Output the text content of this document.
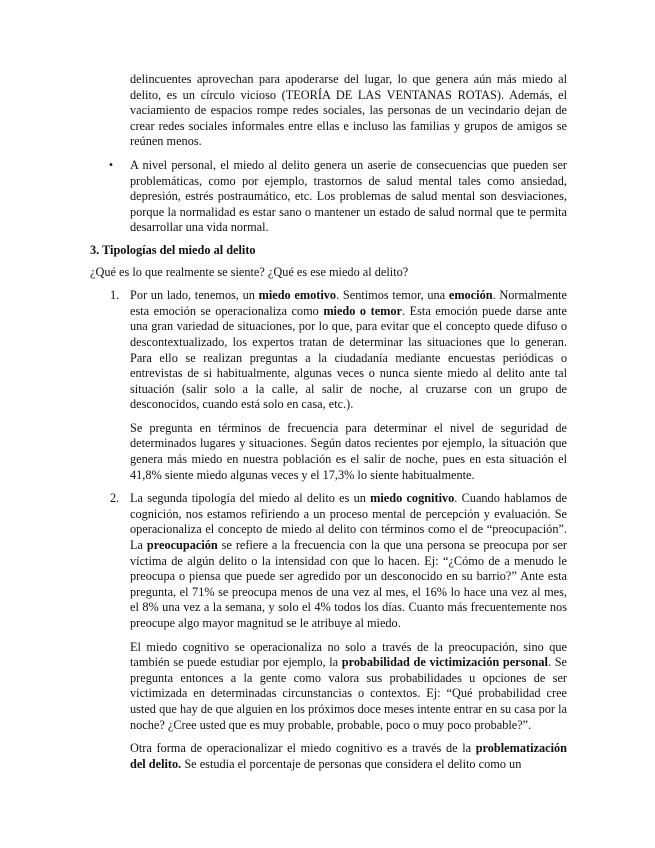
delincuentes aprovechan para apoderarse del lugar, lo que genera aún más miedo al delito, es un círculo vicioso (TEORÍA DE LAS VENTANAS ROTAS). Además, el vaciamiento de espacios rompe redes sociales, las personas de un vecindario dejan de crear redes sociales informales entre ellas e incluso las familias y grupos de amigos se reúnen menos.

• A nivel personal, el miedo al delito genera un aserie de consecuencias que pueden ser problemáticas, como por ejemplo, trastornos de salud mental tales como ansiedad, depresión, estrés postraumático, etc. Los problemas de salud mental son desviaciones, porque la normalidad es estar sano o mantener un estado de salud normal que te permita desarrollar una vida normal.

3. Tipologías del miedo al delito

¿Qué es lo que realmente se siente? ¿Qué es ese miedo al delito?

1. Por un lado, tenemos, un miedo emotivo. Sentimos temor, una emoción. Normalmente esta emoción se operacionaliza como miedo o temor. Esta emoción puede darse ante una gran variedad de situaciones, por lo que, para evitar que el concepto quede difuso o descontextualizado, los expertos tratan de determinar las situaciones que lo generan. Para ello se realizan preguntas a la ciudadanía mediante encuestas periódicas o entrevistas de si habitualmente, algunas veces o nunca siente miedo al delito ante tal situación (salir solo a la calle, al salir de noche, al cruzarse con un grupo de desconocidos, cuando está solo en casa, etc.).

Se pregunta en términos de frecuencia para determinar el nivel de seguridad de determinados lugares y situaciones. Según datos recientes por ejemplo, la situación que genera más miedo en nuestra población es el salir de noche, pues en esta situación el 41,8% siente miedo algunas veces y el 17,3% lo siente habitualmente.

2. La segunda tipología del miedo al delito es un miedo cognitivo. Cuando hablamos de cognición, nos estamos refiriendo a un proceso mental de percepción y evaluación. Se operacionaliza el concepto de miedo al delito con términos como el de “preocupación”. La preocupación se refiere a la frecuencia con la que una persona se preocupa por ser víctima de algún delito o la intensidad con que lo hacen. Ej: “¿Cómo de a menudo le preocupa o piensa que puede ser agredido por un desconocido en su barrio?” Ante esta pregunta, el 71% se preocupa menos de una vez al mes, el 16% lo hace una vez al mes, el 8% una vez a la semana, y solo el 4% todos los días. Cuanto más frecuentemente nos preocupe algo mayor magnitud se le atribuye al miedo.

El miedo cognitivo se operacionaliza no solo a través de la preocupación, sino que también se puede estudiar por ejemplo, la probabilidad de victimización personal. Se pregunta entonces a la gente como valora sus probabilidades u opciones de ser victimizada en determinadas circunstancias o contextos. Ej: “Qué probabilidad cree usted que hay de que alguien en los próximos doce meses intente entrar en su casa por la noche? ¿Cree usted que es muy probable, probable, poco o muy poco probable?”.

Otra forma de operacionalizar el miedo cognitivo es a través de la problematización del delito. Se estudia el porcentaje de personas que considera el delito como un
